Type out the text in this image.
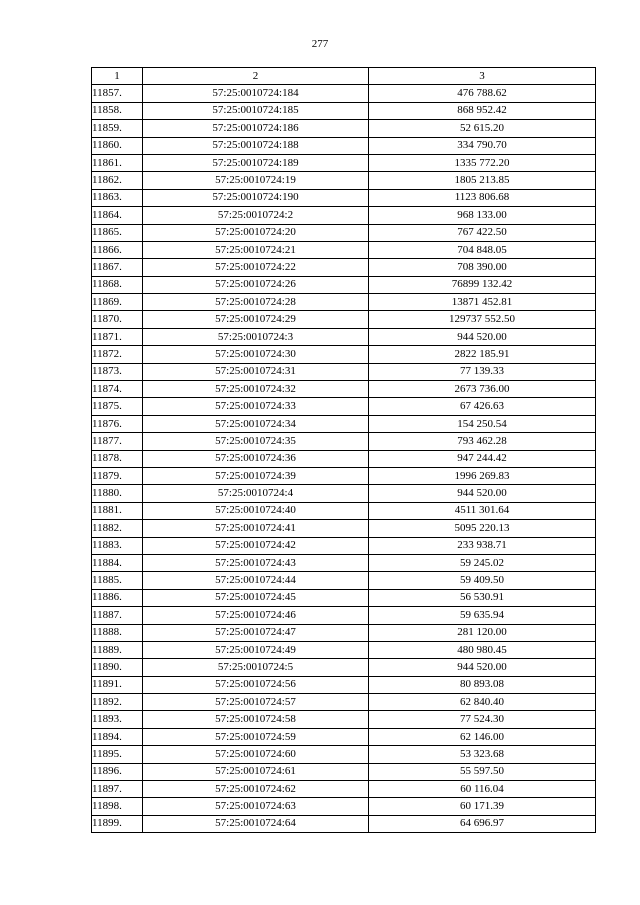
277
1	2	3
11857.	57:25:0010724:184	476 788.62
11858.	57:25:0010724:185	868 952.42
11859.	57:25:0010724:186	52 615.20
11860.	57:25:0010724:188	334 790.70
11861.	57:25:0010724:189	1335 772.20
11862.	57:25:0010724:19	1805 213.85
11863.	57:25:0010724:190	1123 806.68
11864.	57:25:0010724:2	968 133.00
11865.	57:25:0010724:20	767 422.50
11866.	57:25:0010724:21	704 848.05
11867.	57:25:0010724:22	708 390.00
11868.	57:25:0010724:26	76899 132.42
11869.	57:25:0010724:28	13871 452.81
11870.	57:25:0010724:29	129737 552.50
11871.	57:25:0010724:3	944 520.00
11872.	57:25:0010724:30	2822 185.91
11873.	57:25:0010724:31	77 139.33
11874.	57:25:0010724:32	2673 736.00
11875.	57:25:0010724:33	67 426.63
11876.	57:25:0010724:34	154 250.54
11877.	57:25:0010724:35	793 462.28
11878.	57:25:0010724:36	947 244.42
11879.	57:25:0010724:39	1996 269.83
11880.	57:25:0010724:4	944 520.00
11881.	57:25:0010724:40	4511 301.64
11882.	57:25:0010724:41	5095 220.13
11883.	57:25:0010724:42	233 938.71
11884.	57:25:0010724:43	59 245.02
11885.	57:25:0010724:44	59 409.50
11886.	57:25:0010724:45	56 530.91
11887.	57:25:0010724:46	59 635.94
11888.	57:25:0010724:47	281 120.00
11889.	57:25:0010724:49	480 980.45
11890.	57:25:0010724:5	944 520.00
11891.	57:25:0010724:56	80 893.08
11892.	57:25:0010724:57	62 840.40
11893.	57:25:0010724:58	77 524.30
11894.	57:25:0010724:59	62 146.00
11895.	57:25:0010724:60	53 323.68
11896.	57:25:0010724:61	55 597.50
11897.	57:25:0010724:62	60 116.04
11898.	57:25:0010724:63	60 171.39
11899.	57:25:0010724:64	64 696.97
